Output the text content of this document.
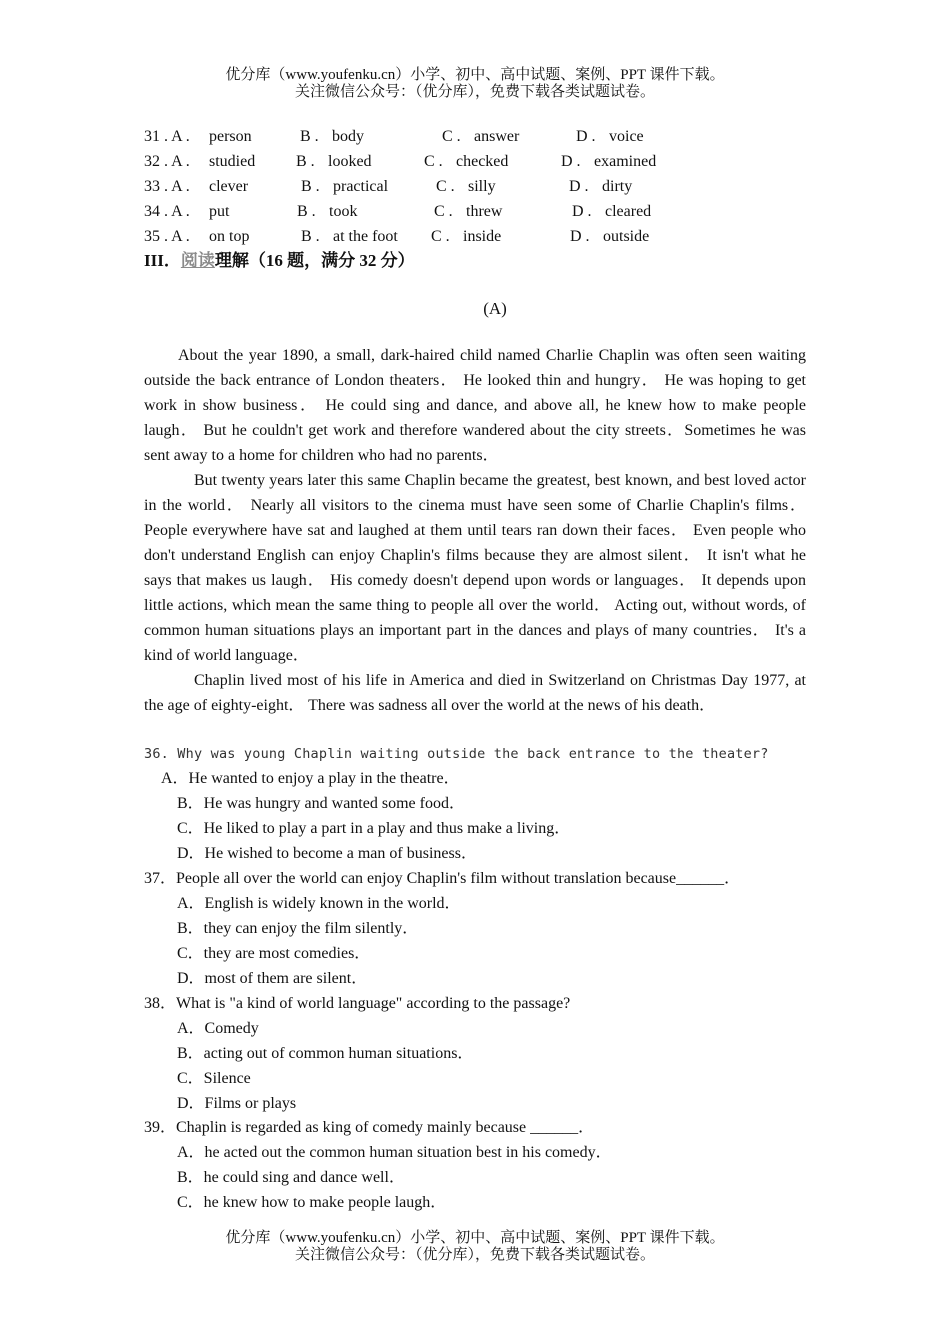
优分库（www.youfenku.cn）小学、初中、高中试题、案例、PPT 课件下载。
关注微信公众号：（优分库），免费下载各类试题试卷。
31 . A . person	B . body	C . answer	D . voice
32 . A . studied	B . looked	C . checked	D . examined
33 . A . clever	B . practical	C . silly	D . dirty
34 . A . put	B . took	C . threw	D . cleared
35 . A . on top	B . at the foot C . inside	D . outside
III．阅读理解（16 题，满分 32 分）
(A)

About the year 1890, a small, dark-haired child named Charlie Chaplin was often seen waiting outside the back entrance of London theaters． He looked thin and hungry． He was hoping to get work in show business． He could sing and dance, and above all, he knew how to make people laugh． But he couldn't get work and therefore wandered about the city streets．Sometimes he was sent away to a home for children who had no parents．

But twenty years later this same Chaplin became the greatest, best known, and best loved actor in the world． Nearly all visitors to the cinema must have seen some of Charlie Chaplin's films． People everywhere have sat and laughed at them until tears ran down their faces． Even people who don't understand English can enjoy Chaplin's films because they are almost silent． It isn't what he says that makes us laugh． His comedy doesn't depend upon words or languages． It depends upon little actions, which mean the same thing to people all over the world． Acting out, without words, of common human situations plays an important part in the dances and plays of many countries． It's a kind of world language．

Chaplin lived most of his life in America and died in Switzerland on Christmas Day 1977, at the age of eighty-eight． There was sadness all over the world at the news of his death．

36. Why was young Chaplin waiting outside the back entrance to the theater?
A．He wanted to enjoy a play in the theatre．
B．He was hungry and wanted some food．
C．He liked to play a part in a play and thus make a living．
D．He wished to become a man of business．
37．People all over the world can enjoy Chaplin's film without translation because______．
A．English is widely known in the world．
B．they can enjoy the film silently．
C．they are most comedies．
D．most of them are silent．
38．What is "a kind of world language" according to the passage?
A．Comedy
B．acting out of common human situations．
C．Silence
D．Films or plays
39．Chaplin is regarded as king of comedy mainly because ______．
A．he acted out the common human situation best in his comedy．
B．he could sing and dance well．
C．he knew how to make people laugh．
优分库（www.youfenku.cn）小学、初中、高中试题、案例、PPT 课件下载。
关注微信公众号：（优分库），免费下载各类试题试卷。
